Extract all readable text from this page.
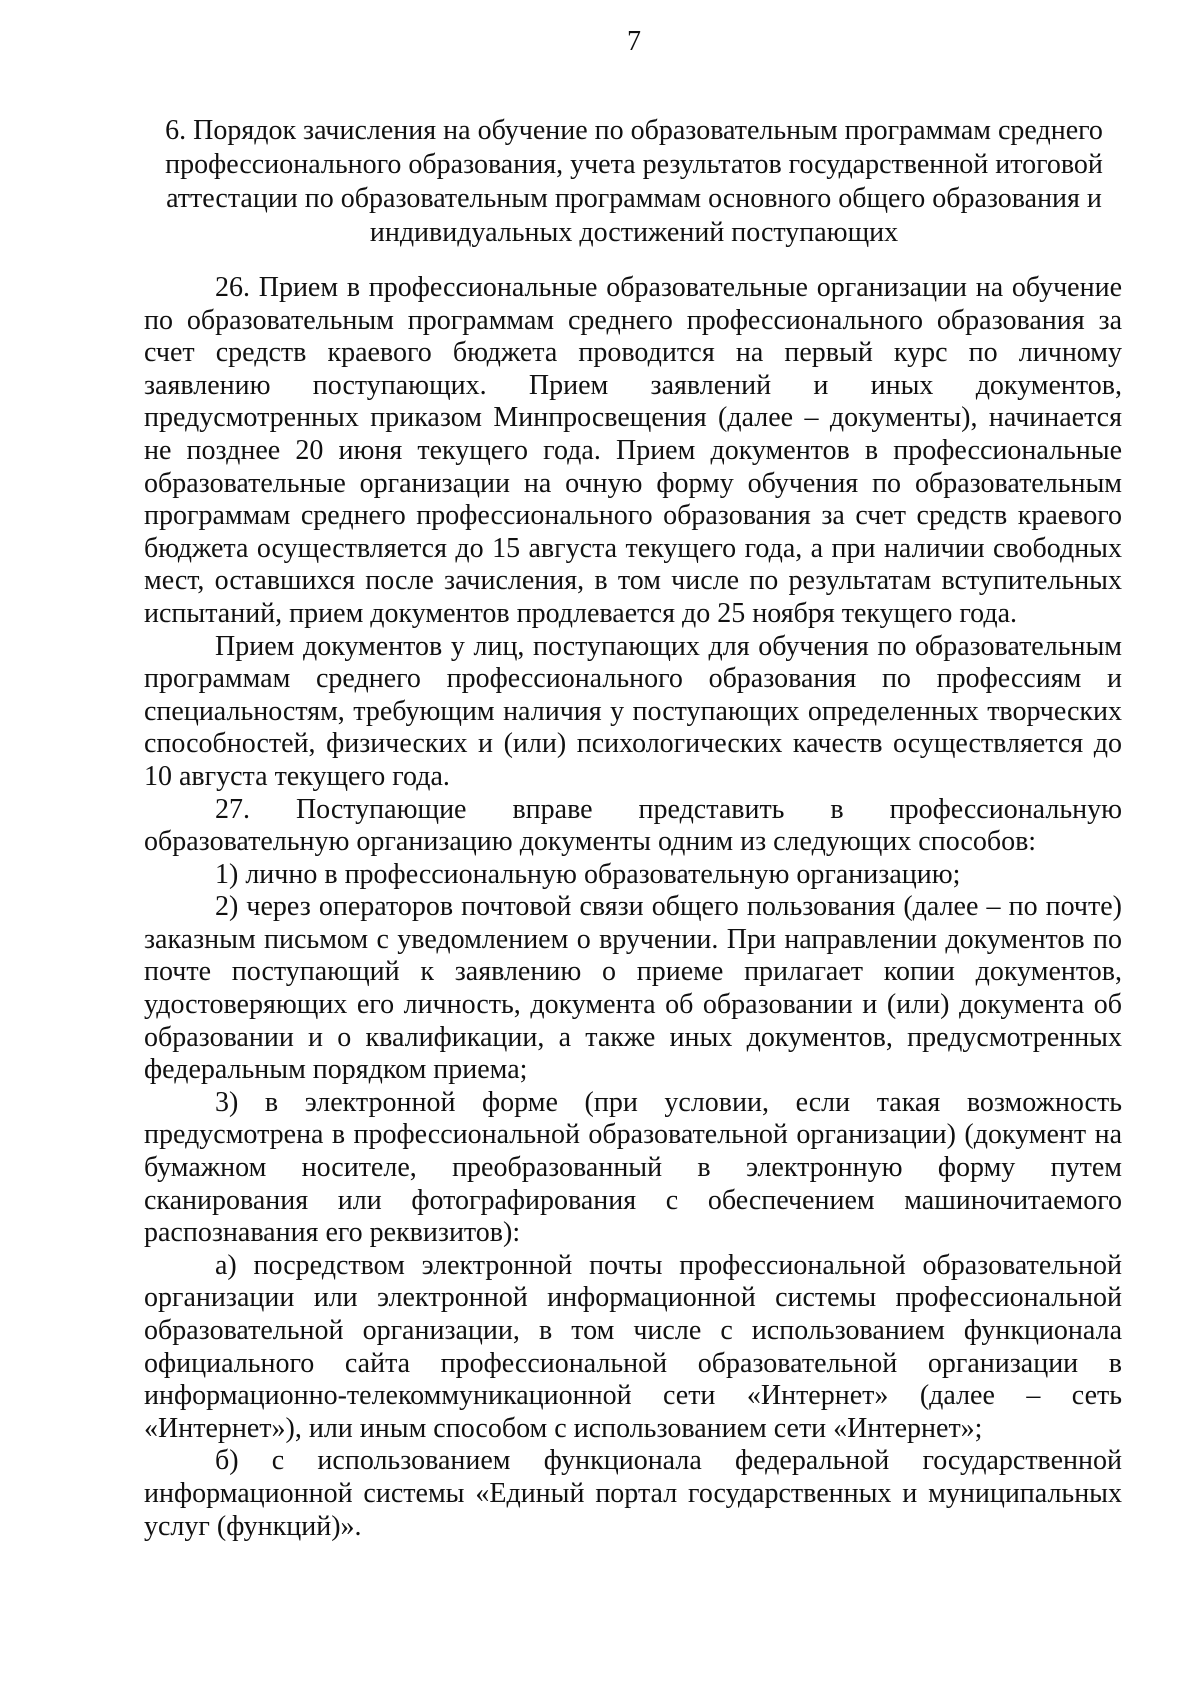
7
6. Порядок зачисления на обучение по образовательным программам среднего профессионального образования, учета результатов государственной итоговой аттестации по образовательным программам основного общего образования и индивидуальных достижений поступающих

26. Прием в профессиональные образовательные организации на обучение по образовательным программам среднего профессионального образования за счет средств краевого бюджета проводится на первый курс по личному заявлению поступающих. Прием заявлений и иных документов, предусмотренных приказом Минпросвещения (далее – документы), начинается не позднее 20 июня текущего года. Прием документов в профессиональные образовательные организации на очную форму обучения по образовательным программам среднего профессионального образования за счет средств краевого бюджета осуществляется до 15 августа текущего года, а при наличии свободных мест, оставшихся после зачисления, в том числе по результатам вступительных испытаний, прием документов продлевается до 25 ноября текущего года.

Прием документов у лиц, поступающих для обучения по образовательным программам среднего профессионального образования по профессиям и специальностям, требующим наличия у поступающих определенных творческих способностей, физических и (или) психологических качеств осуществляется до 10 августа текущего года.

27. Поступающие вправе представить в профессиональную образовательную организацию документы одним из следующих способов:

1) лично в профессиональную образовательную организацию;

2) через операторов почтовой связи общего пользования (далее – по почте) заказным письмом с уведомлением о вручении. При направлении документов по почте поступающий к заявлению о приеме прилагает копии документов, удостоверяющих его личность, документа об образовании и (или) документа об образовании и о квалификации, а также иных документов, предусмотренных федеральным порядком приема;

3) в электронной форме (при условии, если такая возможность предусмотрена в профессиональной образовательной организации) (документ на бумажном носителе, преобразованный в электронную форму путем сканирования или фотографирования с обеспечением машиночитаемого распознавания его реквизитов):

а) посредством электронной почты профессиональной образовательной организации или электронной информационной системы профессиональной образовательной организации, в том числе с использованием функционала официального сайта профессиональной образовательной организации в информационно-телекоммуникационной сети «Интернет» (далее – сеть «Интернет»), или иным способом с использованием сети «Интернет»;

б) с использованием функционала федеральной государственной информационной системы «Единый портал государственных и муниципальных услуг (функций)».
